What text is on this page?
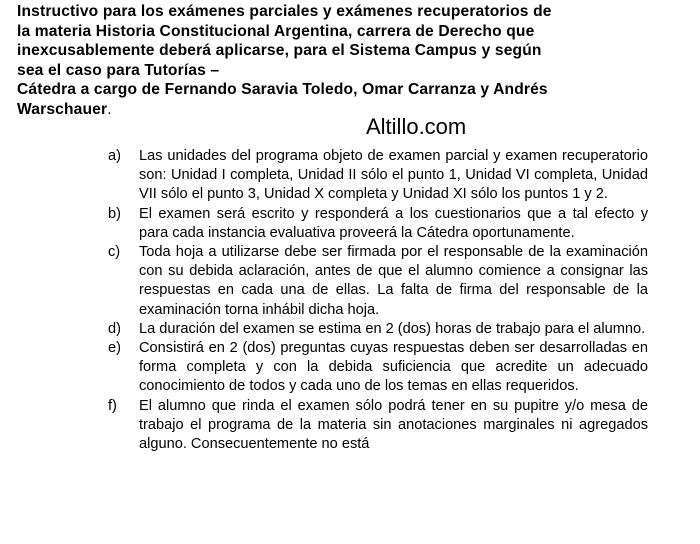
Instructivo para los exámenes parciales y exámenes recuperatorios de
la materia Historia Constitucional Argentina, carrera de Derecho que
inexcusablemente deberá aplicarse, para el Sistema Campus y según
sea el caso para Tutorías –
Cátedra a cargo de Fernando Saravia Toledo, Omar Carranza y Andrés
Warschauer.
Altillo.com
a)	Las unidades del programa objeto de examen parcial y examen recuperatorio son: Unidad I completa, Unidad II sólo el punto 1, Unidad VI completa, Unidad VII sólo el punto 3, Unidad X completa y Unidad XI sólo los puntos 1 y 2.
b)	El examen será escrito y responderá a los cuestionarios que a tal efecto y para cada instancia evaluativa proveerá la Cátedra oportunamente.
c)	Toda hoja a utilizarse debe ser firmada por el responsable de la examinación con su debida aclaración, antes de que el alumno comience a consignar las respuestas en cada una de ellas. La falta de firma del responsable de la examinación torna inhábil dicha hoja.
d)	La duración del examen se estima en 2 (dos) horas de trabajo para el alumno.
e)	Consistirá en 2 (dos) preguntas cuyas respuestas deben ser desarrolladas en forma completa y con la debida suficiencia que acredite un adecuado conocimiento de todos y cada uno de los temas en ellas requeridos.
f)	El alumno que rinda el examen sólo podrá tener en su pupitre y/o mesa de trabajo el programa de la materia sin anotaciones marginales ni agregados alguno. Consecuentemente no está
